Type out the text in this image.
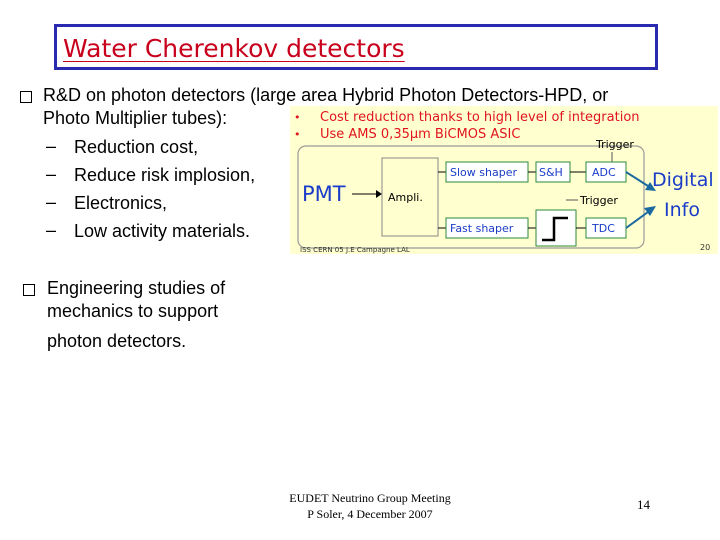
Water Cherenkov detectors
R&D on photon detectors (large area Hybrid Photon Detectors-HPD, or
Photo Multiplier tubes):
– Reduction cost,
– Reduce risk implosion,
– Electronics,
– Low activity materials.
Engineering studies of
mechanics to support
photon detectors.
• Cost reduction thanks to high level of integration
• Use AMS 0,35µm BiCMOS ASIC
Trigger
PMT	Ampli.
Slow shaper S&H	ADC
Trigger
Fast shaper	TDC
Digital
Info
ISS CERN 05 J.E Campagne LAL	20
EUDET Neutrino Group Meeting
P Soler, 4 December 2007
14
